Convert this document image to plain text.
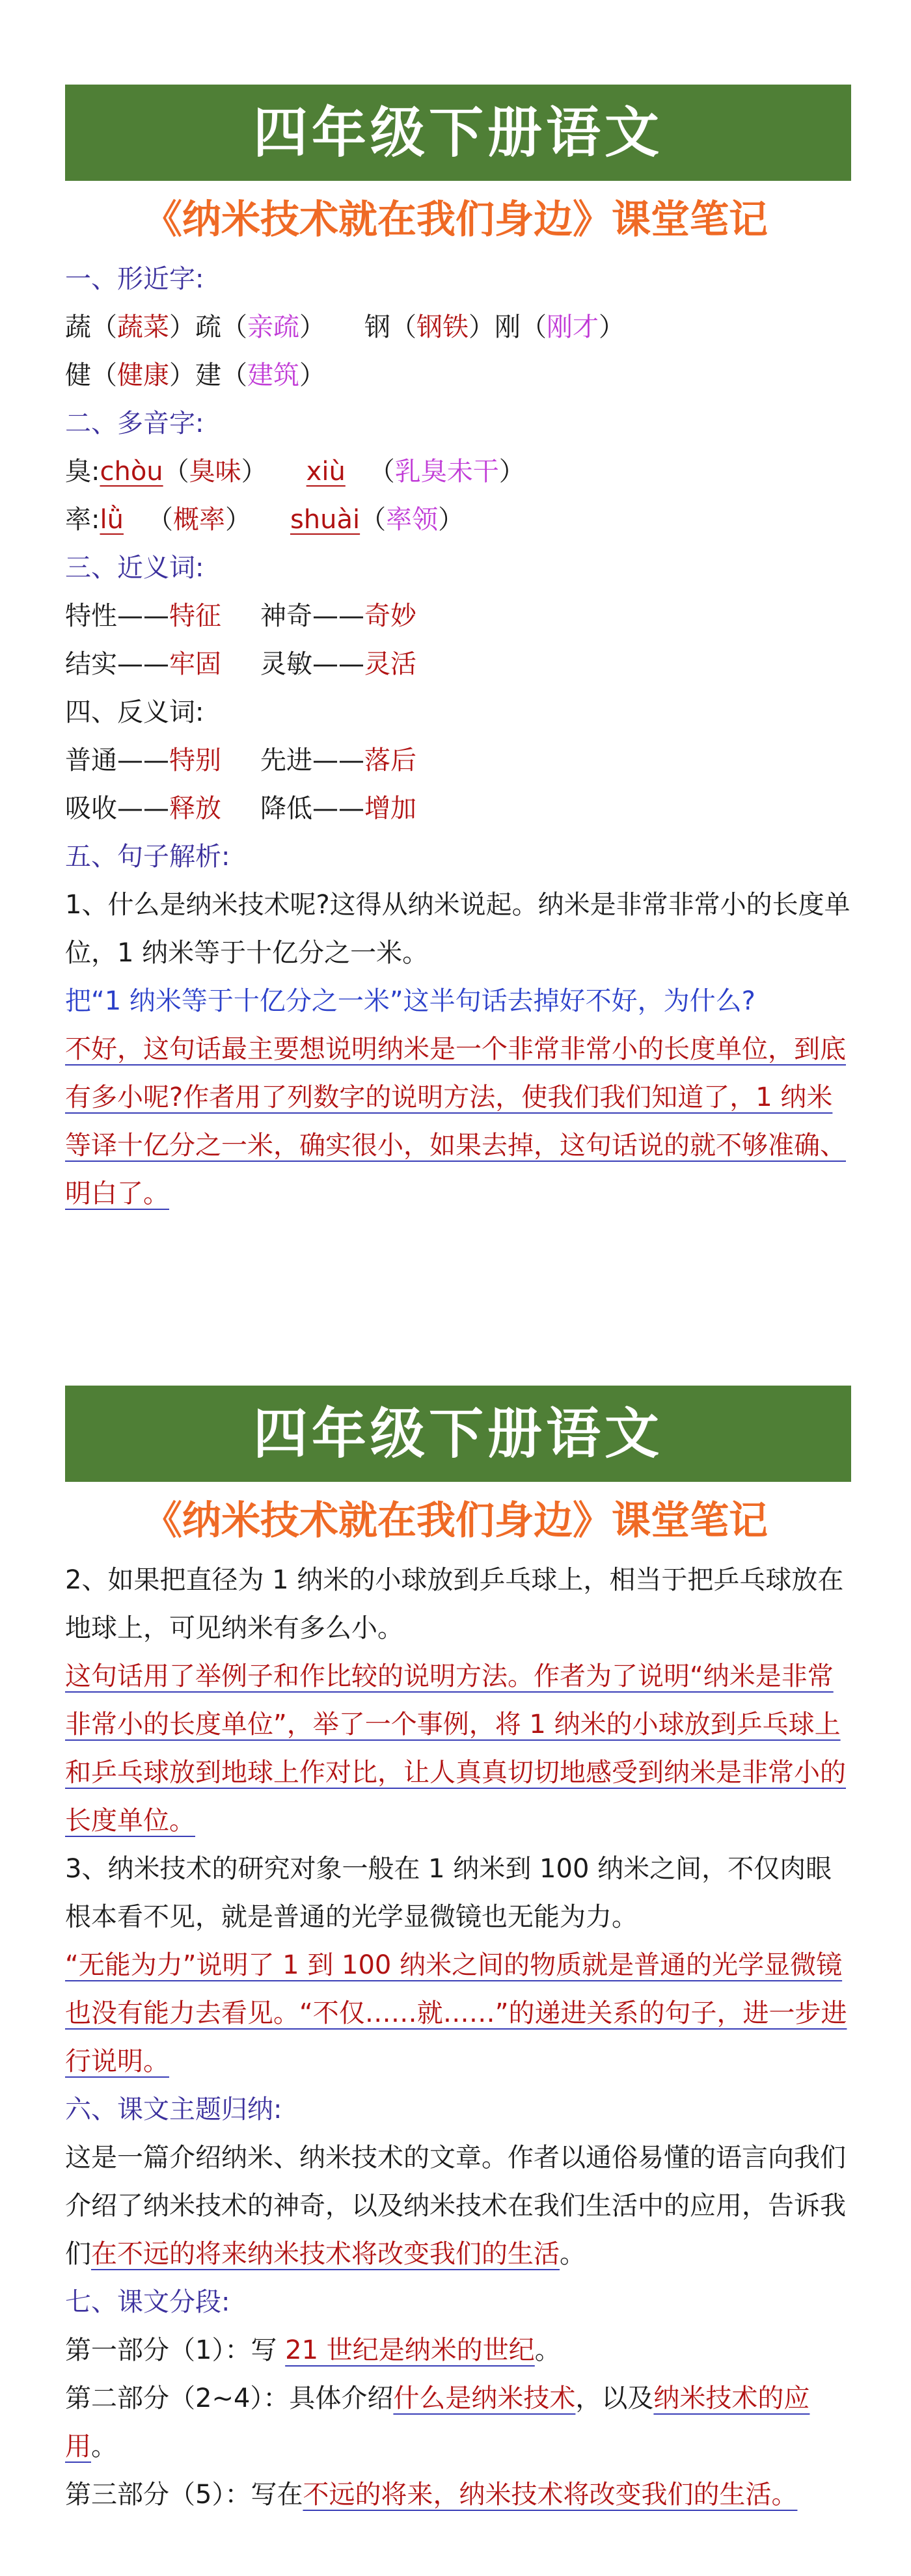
四年级下册语文
《纳米技术就在我们身边》课堂笔记
一、形近字:
蔬（蔬菜）疏（亲疏） 钢（钢铁）刚（刚才）
健（健康）建（建筑）
二、多音字:
臭:chòu（臭味） xiù （乳臭未干）
率:lǜ （概率） shuài（率领）
三、近义词:
特性——特征 神奇——奇妙
结实——牢固 灵敏——灵活
四、反义词:
普通——特别 先进——落后
吸收——释放 降低——增加
五、句子解析:
1、什么是纳米技术呢?这得从纳米说起。纳米是非常非常小的长度单位，1 纳米等于十亿分之一米。
把“1 纳米等于十亿分之一米”这半句话去掉好不好，为什么?
不好，这句话最主要想说明纳米是一个非常非常小的长度单位，到底有多小呢?作者用了列数字的说明方法，使我们我们知道了，1 纳米等译十亿分之一米，确实很小，如果去掉，这句话说的就不够准确、明白了。
四年级下册语文
《纳米技术就在我们身边》课堂笔记
2、如果把直径为 1 纳米的小球放到乒乓球上，相当于把乒乓球放在地球上，可见纳米有多么小。
这句话用了举例子和作比较的说明方法。作者为了说明“纳米是非常非常小的长度单位”，举了一个事例，将 1 纳米的小球放到乒乓球上和乒乓球放到地球上作对比，让人真真切切地感受到纳米是非常小的长度单位。
3、纳米技术的研究对象一般在 1 纳米到 100 纳米之间，不仅肉眼根本看不见，就是普通的光学显微镜也无能为力。
“无能为力”说明了 1 到 100 纳米之间的物质就是普通的光学显微镜也没有能力去看见。“不仅……就……”的递进关系的句子，进一步进行说明。
六、课文主题归纳:
这是一篇介绍纳米、纳米技术的文章。作者以通俗易懂的语言向我们介绍了纳米技术的神奇，以及纳米技术在我们生活中的应用，告诉我们在不远的将来纳米技术将改变我们的生活。
七、课文分段:
第一部分（1）：写 21 世纪是纳米的世纪。
第二部分（2~4）：具体介绍什么是纳米技术，以及纳米技术的应用。
第三部分（5）：写在不远的将来，纳米技术将改变我们的生活。
